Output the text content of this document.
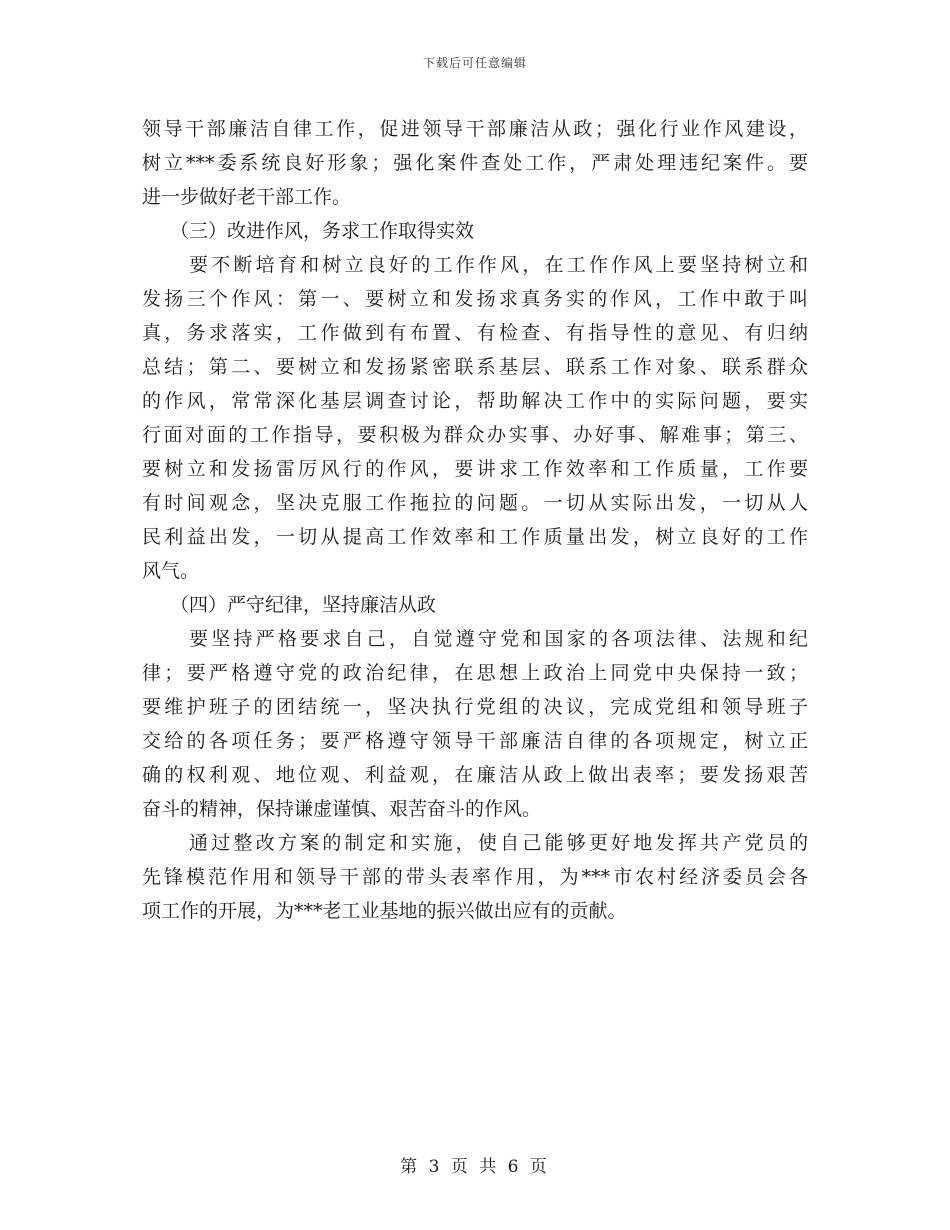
下载后可任意编辑
领导干部廉洁自律工作，促进领导干部廉洁从政；强化行业作风建设，
树立***委系统良好形象；强化案件查处工作，严肃处理违纪案件。要
进一步做好老干部工作。
（三）改进作风，务求工作取得实效
要不断培育和树立良好的工作作风，在工作作风上要坚持树立和
发扬三个作风：第一、要树立和发扬求真务实的作风，工作中敢于叫
真，务求落实，工作做到有布置、有检查、有指导性的意见、有归纳
总结；第二、要树立和发扬紧密联系基层、联系工作对象、联系群众
的作风，常常深化基层调查讨论，帮助解决工作中的实际问题，要实
行面对面的工作指导，要积极为群众办实事、办好事、解难事；第三、
要树立和发扬雷厉风行的作风，要讲求工作效率和工作质量，工作要
有时间观念，坚决克服工作拖拉的问题。一切从实际出发，一切从人
民利益出发，一切从提高工作效率和工作质量出发，树立良好的工作
风气。
（四）严守纪律，坚持廉洁从政
要坚持严格要求自己，自觉遵守党和国家的各项法律、法规和纪
律；要严格遵守党的政治纪律，在思想上政治上同党中央保持一致；
要维护班子的团结统一，坚决执行党组的决议，完成党组和领导班子
交给的各项任务；要严格遵守领导干部廉洁自律的各项规定，树立正
确的权利观、地位观、利益观，在廉洁从政上做出表率；要发扬艰苦
奋斗的精神，保持谦虚谨慎、艰苦奋斗的作风。
通过整改方案的制定和实施，使自己能够更好地发挥共产党员的
先锋模范作用和领导干部的带头表率作用，为***市农村经济委员会各
项工作的开展，为***老工业基地的振兴做出应有的贡献。
第 3 页 共 6 页
